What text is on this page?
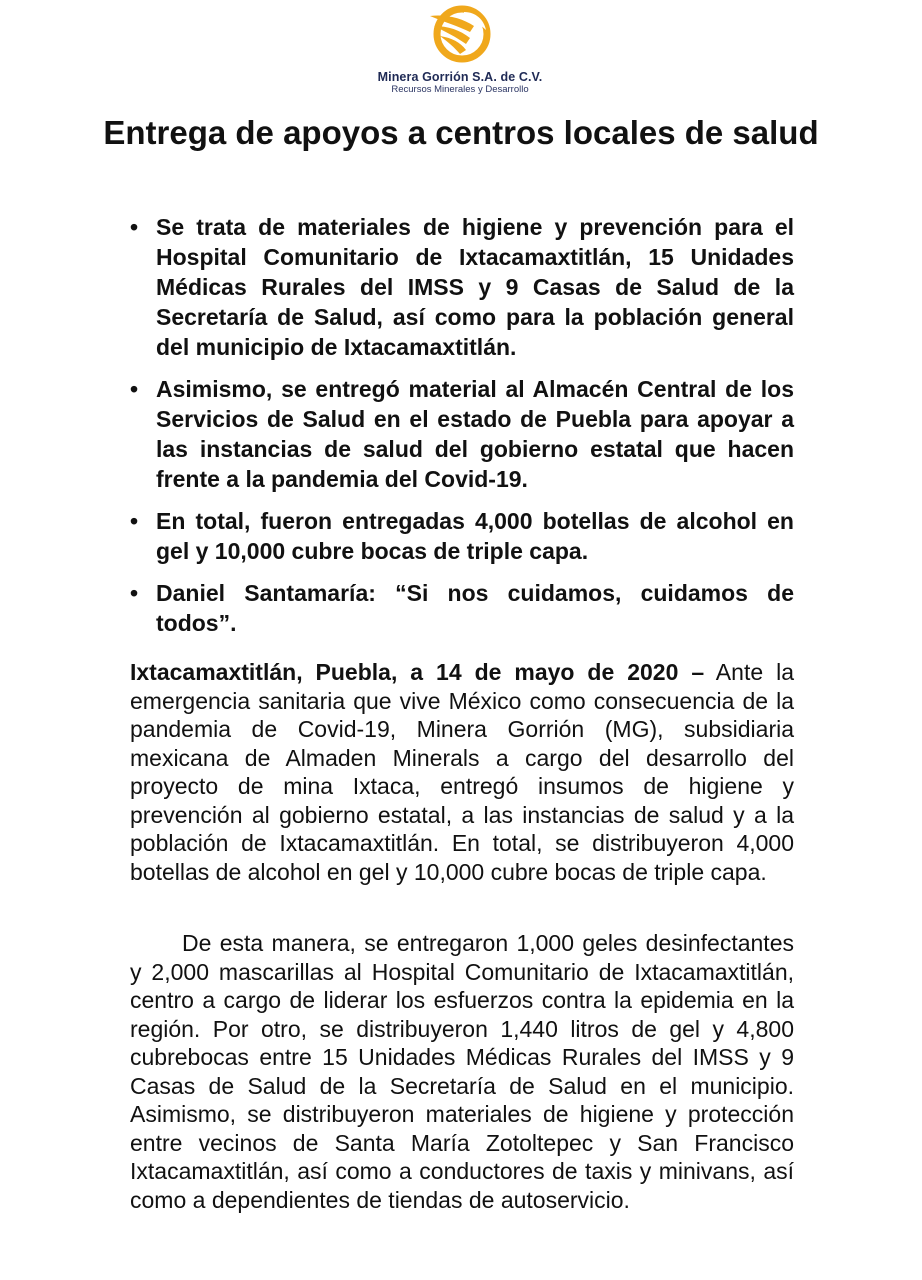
Minera Gorrión S.A. de C.V.
Recursos Minerales y Desarrollo
Entrega de apoyos a centros locales de salud
• Se trata de materiales de higiene y prevención para el Hospital Comunitario de Ixtacamaxtitlán, 15 Unidades Médicas Rurales del IMSS y 9 Casas de Salud de la Secretaría de Salud, así como para la población general del municipio de Ixtacamaxtitlán.
• Asimismo, se entregó material al Almacén Central de los Servicios de Salud en el estado de Puebla para apoyar a las instancias de salud del gobierno estatal que hacen frente a la pandemia del Covid-19.
• En total, fueron entregadas 4,000 botellas de alcohol en gel y 10,000 cubre bocas de triple capa.
• Daniel Santamaría: “Si nos cuidamos, cuidamos de todos”.

Ixtacamaxtitlán, Puebla, a 14 de mayo de 2020 – Ante la emergencia sanitaria que vive México como consecuencia de la pandemia de Covid-19, Minera Gorrión (MG), subsidiaria mexicana de Almaden Minerals a cargo del desarrollo del proyecto de mina Ixtaca, entregó insumos de higiene y prevención al gobierno estatal, a las instancias de salud y a la población de Ixtacamaxtitlán. En total, se distribuyeron 4,000 botellas de alcohol en gel y 10,000 cubre bocas de triple capa.

De esta manera, se entregaron 1,000 geles desinfectantes y 2,000 mascarillas al Hospital Comunitario de Ixtacamaxtitlán, centro a cargo de liderar los esfuerzos contra la epidemia en la región. Por otro, se distribuyeron 1,440 litros de gel y 4,800 cubrebocas entre 15 Unidades Médicas Rurales del IMSS y 9 Casas de Salud de la Secretaría de Salud en el municipio. Asimismo, se distribuyeron materiales de higiene y protección entre vecinos de Santa María Zotoltepec y San Francisco Ixtacamaxtitlán, así como a conductores de taxis y minivans, así como a dependientes de tiendas de autoservicio.
